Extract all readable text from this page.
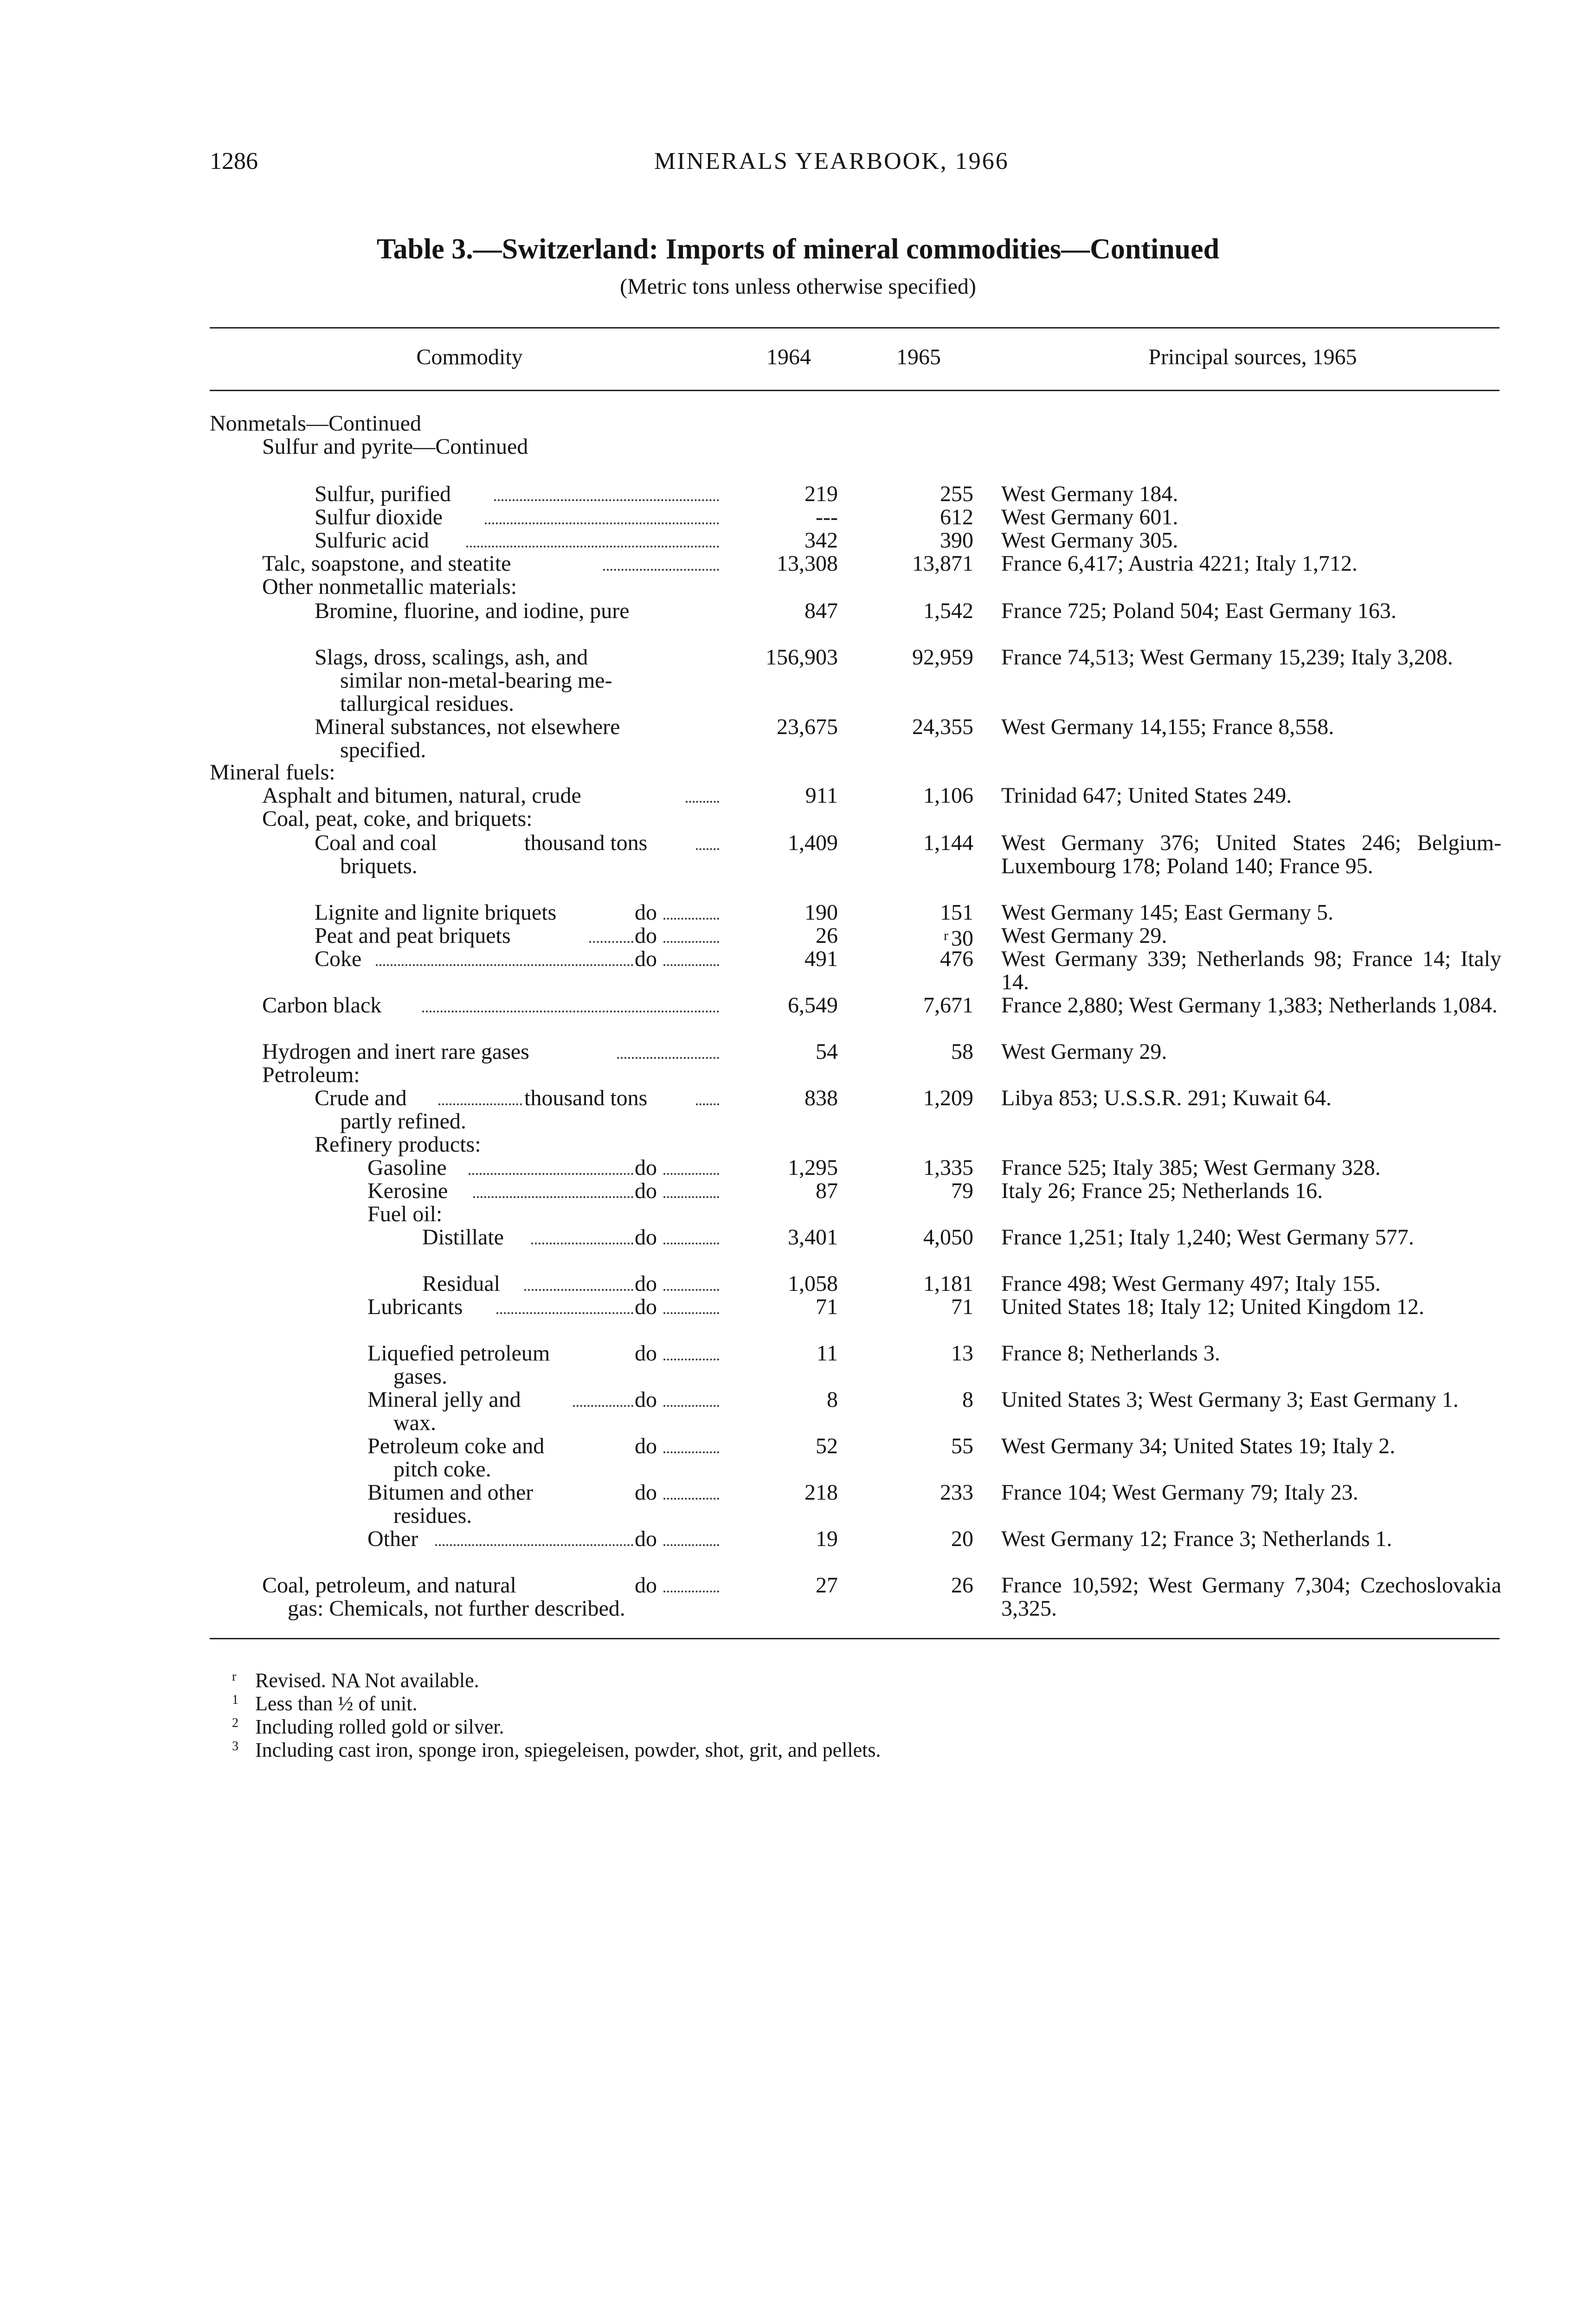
1286	MINERALS YEARBOOK, 1966
Table 3.—Switzerland: Imports of mineral commodities—Continued
(Metric tons unless otherwise specified)
Commodity	1964	1965	Principal sources, 1965
Nonmetals—Continued
Sulfur and pyrite—Continued
Sulfur, purified	219	255 West Germany 184.
Sulfur dioxide	---	612 West Germany 601.
Sulfuric acid	342	390 West Germany 305.
Talc, soapstone, and steatite	13,308	13,871 France 6,417; Austria 4221; Italy 1,712.
Other nonmetallic materials:
Bromine, fluorine, and iodine, pure	847	1,542 France 725; Poland 504; East Germany 163.
Slags, dross, scalings, ash, and
similar non-metal-bearing me-
tallurgical residues.
156,903	92,959 France 74,513; West Germany 15,239; Italy 3,208.
Mineral substances, not elsewhere
specified.
23,675	24,355 West Germany 14,155; France 8,558.
Mineral fuels:
Asphalt and bitumen, natural, crude	911	1,106 Trinidad 647; United States 249.
Coal, peat, coke, and briquets:
Coal and coal
briquets.
thousand tons	1,409	1,144 West Germany 376; United States 246; Belgium-Luxembourg 178; Poland 140; France 95.
Lignite and lignite briquets	do	190	151 West Germany 145; East Germany 5.
Peat and peat briquets	do	26	$^r$ 30 West Germany 29.
Coke	do	491	476 West Germany 339; Netherlands 98; France 14; Italy 14.
Carbon black	6,549	7,671 France 2,880; West Germany 1,383; Netherlands 1,084.
Hydrogen and inert rare gases	54	58 West Germany 29.
Petroleum:
Crude and
partly refined.
thousand tons	838	1,209 Libya 853; U.S.S.R. 291; Kuwait 64.
Refinery products:
Gasoline	do	1,295	1,335 France 525; Italy 385; West Germany 328.
Kerosine	do	87	79 Italy 26; France 25; Netherlands 16.
Fuel oil:
Distillate	do	3,401	4,050 France 1,251; Italy 1,240; West Germany 577.
Residual	do	1,058	1,181 France 498; West Germany 497; Italy 155.
Lubricants	do	71	71 United States 18; Italy 12; United Kingdom 12.
Liquefied petroleum
gases.
do	11	13 France 8; Netherlands 3.
Mineral jelly and
wax.
do	8	8 United States 3; West Germany 3; East Germany 1.
Petroleum coke and
pitch coke.
do	52	55 West Germany 34; United States 19; Italy 2.
Bitumen and other
residues.
do	218	233 France 104; West Germany 79; Italy 23.
Other	do	19	20 West Germany 12; France 3; Netherlands 1.
Coal, petroleum, and natural
gas: Chemicals, not further described.
do	27	26 France 10,592; West Germany 7,304; Czechoslovakia 3,325.
r Revised. NA Not available.
1 Less than ½ of unit.
2 Including rolled gold or silver.
3 Including cast iron, sponge iron, spiegeleisen, powder, shot, grit, and pellets.
